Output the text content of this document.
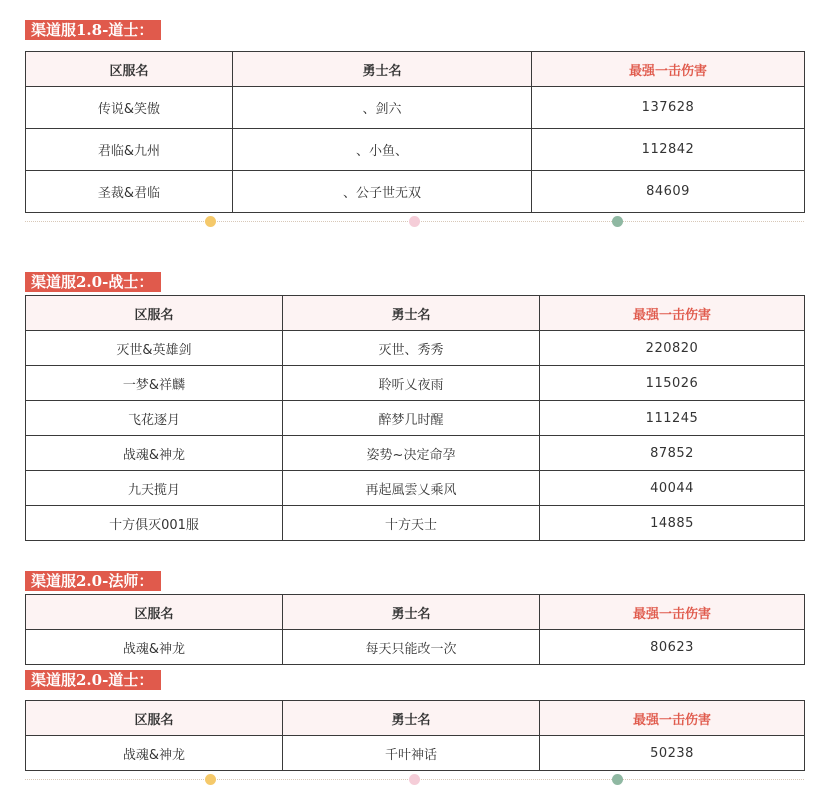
渠道服1.8-道士：
区服名	勇士名	最强一击伤害
传说&笑傲	、剑六	137628
君临&九州	、小鱼、	112842
圣裁&君临	、公子世无双	84609
渠道服2.0-战士：
区服名	勇士名	最强一击伤害
灭世&英雄剑	灭世、秀秀	220820
一梦&祥麟	聆听乂夜雨	115026
飞花逐月	醉梦几时醒	111245
战魂&神龙	姿势~决定命孕	87852
九天揽月	再起風雲乂乘风	40044
十方俱灭001服	十方天士	14885
渠道服2.0-法师：
区服名	勇士名	最强一击伤害
战魂&神龙	每天只能改一次	80623
渠道服2.0-道士：
区服名	勇士名	最强一击伤害
战魂&神龙	千叶神话	50238
